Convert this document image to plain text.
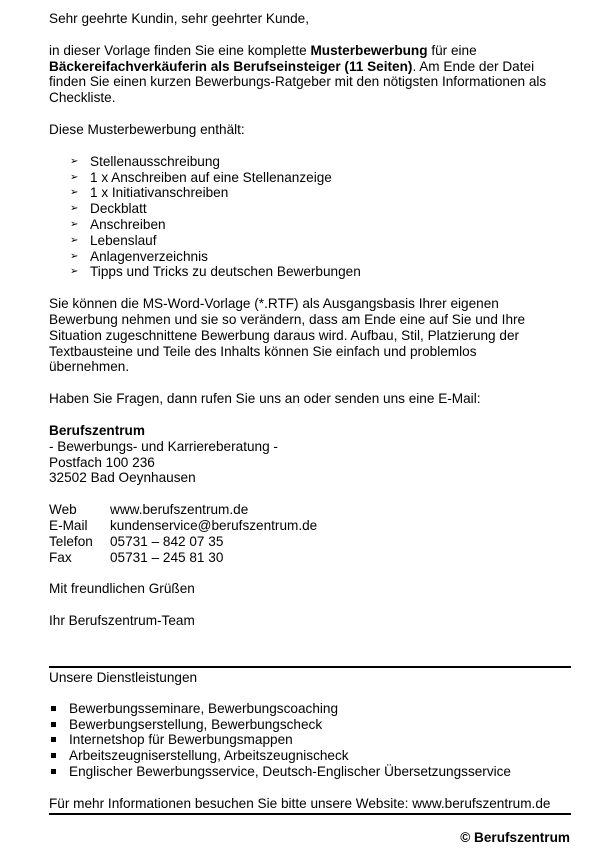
Sehr geehrte Kundin, sehr geehrter Kunde,

in dieser Vorlage finden Sie eine komplette Musterbewerbung für eine
Bäckereifachverkäuferin als Berufseinsteiger (11 Seiten). Am Ende der Datei
finden Sie einen kurzen Bewerbungs-Ratgeber mit den nötigsten Informationen als
Checkliste.

Diese Musterbewerbung enthält:

➢ Stellenausschreibung
➢ 1 x Anschreiben auf eine Stellenanzeige
➢ 1 x Initiativanschreiben
➢ Deckblatt
➢ Anschreiben
➢ Lebenslauf
➢ Anlagenverzeichnis
➢ Tipps und Tricks zu deutschen Bewerbungen
Sie können die MS-Word-Vorlage (*.RTF) als Ausgangsbasis Ihrer eigenen
Bewerbung nehmen und sie so verändern, dass am Ende eine auf Sie und Ihre
Situation zugeschnittene Bewerbung daraus wird. Aufbau, Stil, Platzierung der
Textbausteine und Teile des Inhalts können Sie einfach und problemlos
übernehmen.

Haben Sie Fragen, dann rufen Sie uns an oder senden uns eine E-Mail:

Berufszentrum
- Bewerbungs- und Karriereberatung -
Postfach 100 236
32502 Bad Oeynhausen
Web	www.berufszentrum.de
E-Mail	kundenservice@berufszentrum.de
Telefon	05731 – 842 07 35
Fax	05731 – 245 81 30

Mit freundlichen Grüßen

Ihr Berufszentrum-Team

Unsere Dienstleistungen
Bewerbungsseminare, Bewerbungscoaching
Bewerbungserstellung, Bewerbungscheck
Internetshop für Bewerbungsmappen
Arbeitszeugniserstellung, Arbeitszeugnischeck
Englischer Bewerbungsservice, Deutsch-Englischer Übersetzungsservice
Für mehr Informationen besuchen Sie bitte unsere Website: www.berufszentrum.de
© Berufszentrum
